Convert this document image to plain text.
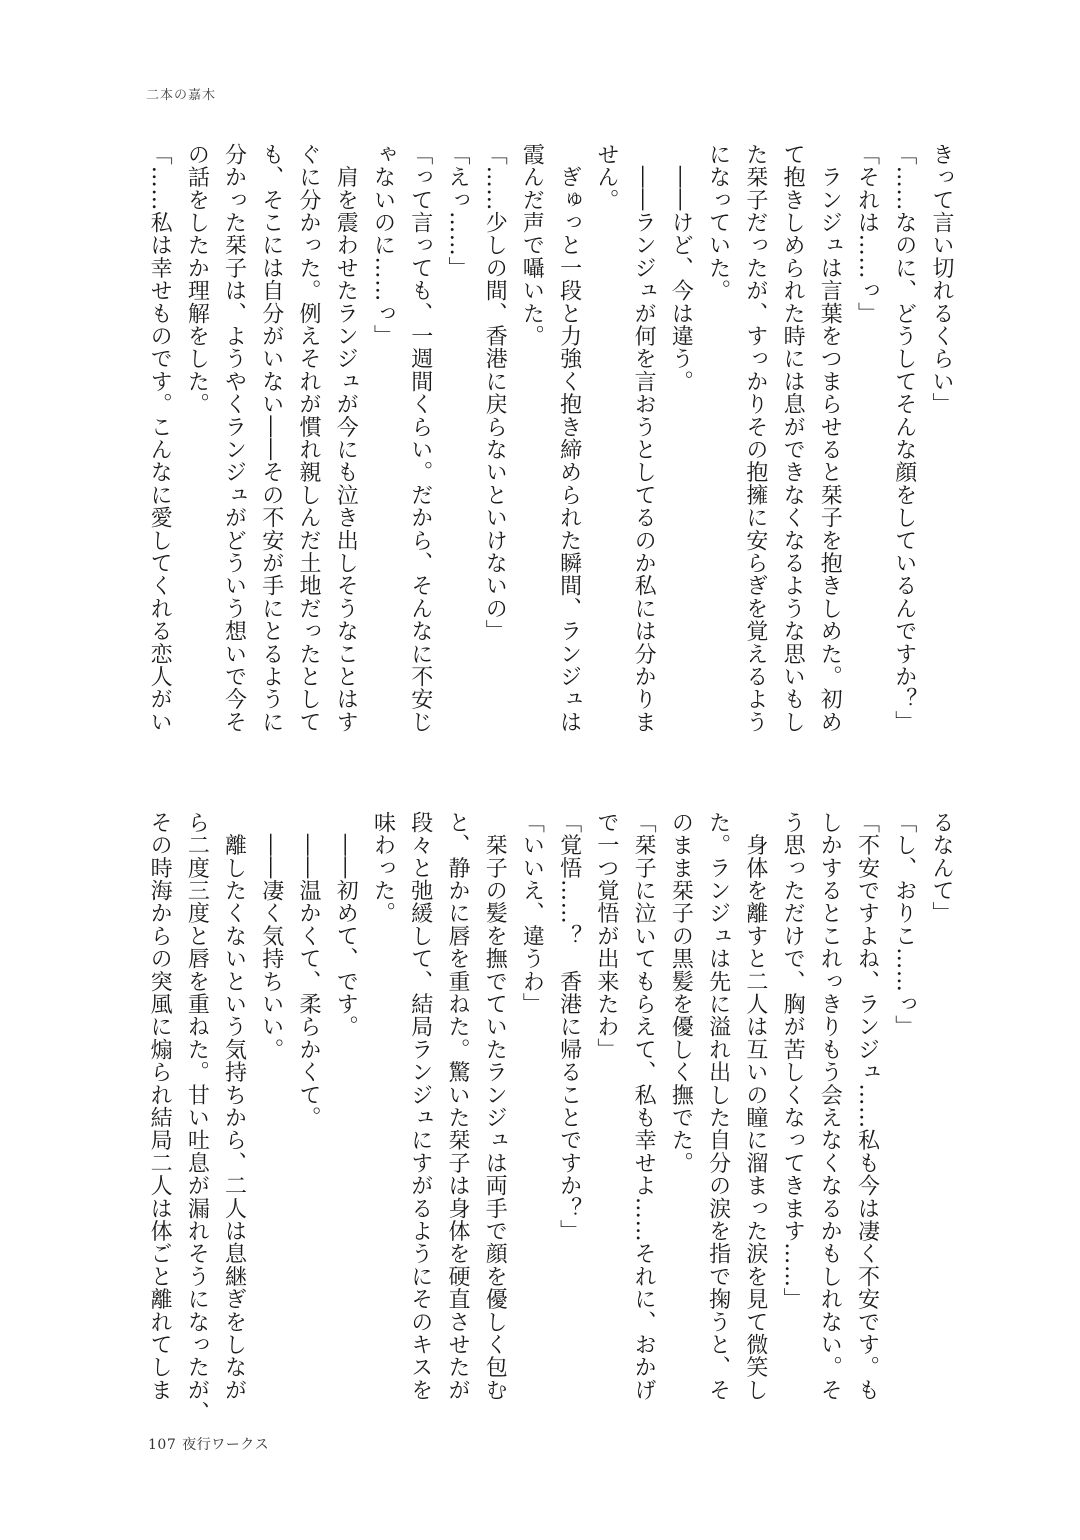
二本の嘉木

きって言い切れるくらい」

「……なのに、どうしてそんな顔をしているんですか？」

「それは……っ」

　ランジュは言葉をつまらせると栞子を抱きしめた。初め

て抱きしめられた時には息ができなくなるような思いもし

た栞子だったが、すっかりその抱擁に安らぎを覚えるよう

になっていた。

　――けど、今は違う。

　――ランジュが何を言おうとしてるのか私には分かりま

せん。

　ぎゅっと一段と力強く抱き締められた瞬間、ランジュは

霞んだ声で囁いた。

「……少しの間、香港に戻らないといけないの」

「えっ……」

「って言っても、一週間くらい。だから、そんなに不安じ

ゃないのに……っ」

　肩を震わせたランジュが今にも泣き出しそうなことはす

ぐに分かった。例えそれが慣れ親しんだ土地だったとして

も、そこには自分がいない――その不安が手にとるように

分かった栞子は、ようやくランジュがどういう想いで今そ

の話をしたか理解をした。

「……私は幸せものです。こんなに愛してくれる恋人がい

るなんて」

「し、おりこ……っ」

「不安ですよね、ランジュ……私も今は凄く不安です。も

しかするとこれっきりもう会えなくなるかもしれない。そ

う思っただけで、胸が苦しくなってきます……」

　身体を離すと二人は互いの瞳に溜まった涙を見て微笑し

た。ランジュは先に溢れ出した自分の涙を指で掬うと、そ

のまま栞子の黒髪を優しく撫でた。

「栞子に泣いてもらえて、私も幸せよ……それに、おかげ

で一つ覚悟が出来たわ」

「覚悟……？　香港に帰ることですか？」

「いいえ、違うわ」

　栞子の髪を撫でていたランジュは両手で顔を優しく包む

と、静かに唇を重ねた。驚いた栞子は身体を硬直させたが

段々と弛緩して、結局ランジュにすがるようにそのキスを

味わった。

　――初めて、です。

　――温かくて、柔らかくて。

　――凄く気持ちいい。

　離したくないという気持ちから、二人は息継ぎをしなが

ら二度三度と唇を重ねた。甘い吐息が漏れそうになったが、

その時海からの突風に煽られ結局二人は体ごと離れてしま

107 夜行ワークス
